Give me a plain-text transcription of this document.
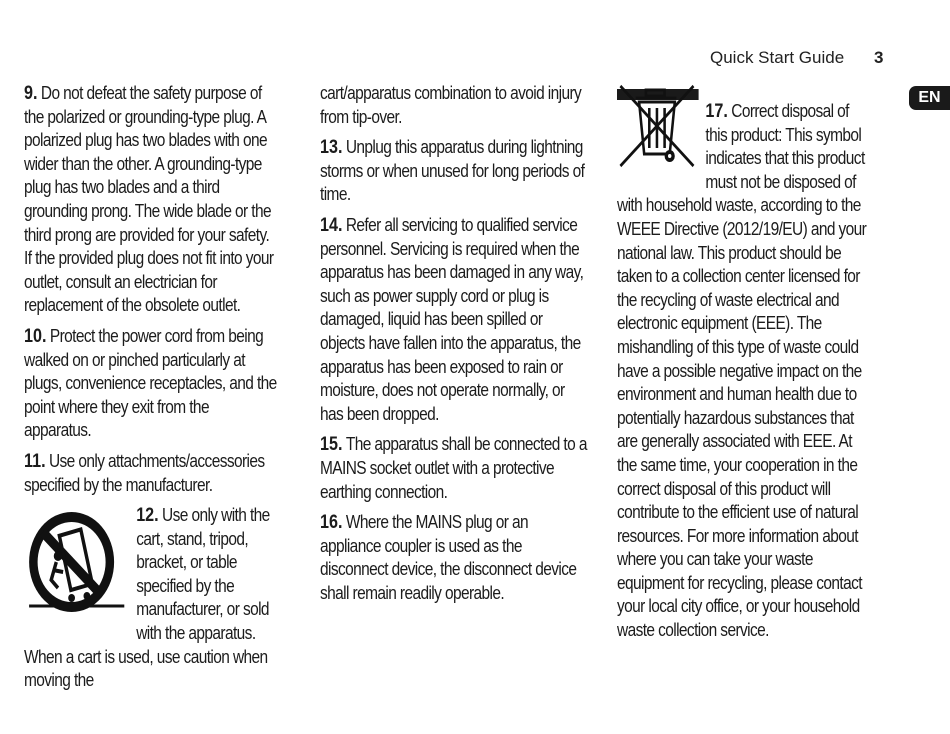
Quick Start Guide 3
EN

9. Do not defeat the safety purpose of the polarized or grounding-type plug. A polarized plug has two blades with one wider than the other. A grounding-type plug has two blades and a third grounding prong. The wide blade or the third prong are provided for your safety. If the provided plug does not fit into your outlet, consult an electrician for replacement of the obsolete outlet.

10. Protect the power cord from being walked on or pinched particularly at plugs, convenience receptacles, and the point where they exit from the apparatus.

11. Use only attachments/accessories specified by the manufacturer.

12. Use only with the cart, stand, tripod, bracket, or table specified by the manufacturer, or sold with the apparatus. When a cart is used, use caution when moving the

cart/apparatus combination to avoid injury from tip-over.

13. Unplug this apparatus during lightning storms or when unused for long periods of time.

14. Refer all servicing to qualified service personnel. Servicing is required when the apparatus has been damaged in any way, such as power supply cord or plug is damaged, liquid has been spilled or objects have fallen into the apparatus, the apparatus has been exposed to rain or moisture, does not operate normally, or has been dropped.

15. The apparatus shall be connected to a MAINS socket outlet with a protective earthing connection.

16. Where the MAINS plug or an appliance coupler is used as the disconnect device, the disconnect device shall remain readily operable.

17. Correct disposal of this product: This symbol indicates that this product must not be disposed of with household waste, according to the WEEE Directive (2012/19/EU) and your national law. This product should be taken to a collection center licensed for the recycling of waste electrical and electronic equipment (EEE). The mishandling of this type of waste could have a possible negative impact on the environment and human health due to potentially hazardous substances that are generally associated with EEE. At the same time, your cooperation in the correct disposal of this product will contribute to the efficient use of natural resources. For more information about where you can take your waste equipment for recycling, please contact your local city office, or your household waste collection service.
